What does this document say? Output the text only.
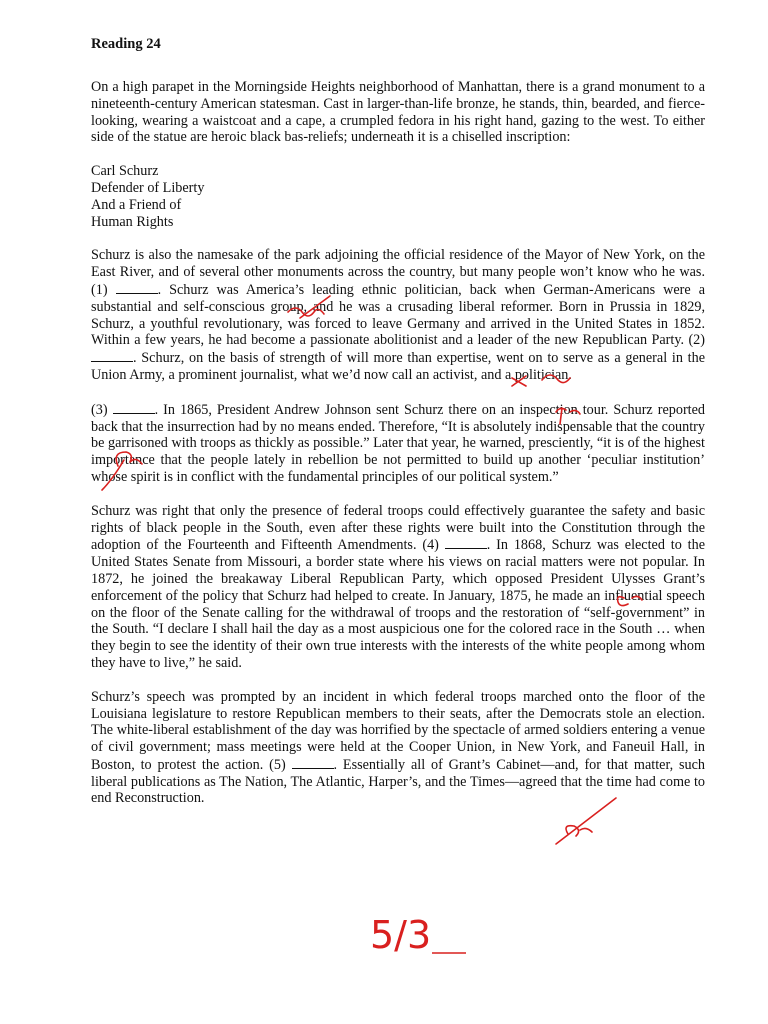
Reading 24

On a high parapet in the Morningside Heights neighborhood of Manhattan, there is a grand monument to a nineteenth-century American statesman. Cast in larger-than-life bronze, he stands, thin, bearded, and fierce-looking, wearing a waistcoat and a cape, a crumpled fedora in his right hand, gazing to the west. To either side of the statue are heroic black bas-reliefs; underneath it is a chiselled inscription:

Carl Schurz
Defender of Liberty
And a Friend of
Human Rights

Schurz is also the namesake of the park adjoining the official residence of the Mayor of New York, on the East River, and of several other monuments across the country, but many people won’t know who he was. (1)	. Schurz was America’s leading ethnic politician, back when German-Americans were a substantial and self-conscious group, and he was a crusading liberal reformer. Born in Prussia in 1829, Schurz, a youthful revolutionary, was forced to leave Germany and arrived in the United States in 1852. Within a few years, he had become a passionate abolitionist and a leader of the new Republican Party. (2) . Schurz, on the basis of strength of will more than expertise, went on to serve as a general in the Union Army, a prominent journalist, what we’d now call an activist, and a politician.

(3)	. In 1865, President Andrew Johnson sent Schurz there on an inspection tour. Schurz reported back that the insurrection had by no means ended. Therefore, “It is absolutely indispensable that the country be garrisoned with troops as thickly as possible.” Later that year, he warned, presciently, “it is of the highest importance that the people lately in rebellion be not permitted to build up another ‘peculiar institution’ whose spirit is in conflict with the fundamental principles of our political system.”

Schurz was right that only the presence of federal troops could effectively guarantee the safety and basic rights of black people in the South, even after these rights were built into the Constitution through the adoption of the Fourteenth and Fifteenth Amendments. (4)	. In 1868, Schurz was elected to the United States Senate from Missouri, a border state where his views on racial matters were not popular. In 1872, he joined the breakaway Liberal Republican Party, which opposed President Ulysses Grant’s enforcement of the policy that Schurz had helped to create. In January, 1875, he made an influential speech on the floor of the Senate calling for the withdrawal of troops and the restoration of “self-government” in the South. “I declare I shall hail the day as a most auspicious one for the colored race in the South … when they begin to see the identity of their own true interests with the interests of the white people among whom they have to live,” he said.

Schurz’s speech was prompted by an incident in which federal troops marched onto the floor of the Louisiana legislature to restore Republican members to their seats, after the Democrats stole an election. The white-liberal establishment of the day was horrified by the spectacle of armed soldiers entering a venue of civil government; mass meetings were held at the Cooper Union, in New York, and Faneuil Hall, in Boston, to protest the action. (5)	. Essentially all of Grant’s Cabinet—and, for that matter, such liberal publications as The Nation, The Atlantic, Harper’s, and the Times—agreed that the time had come to end Reconstruction.

5/3
